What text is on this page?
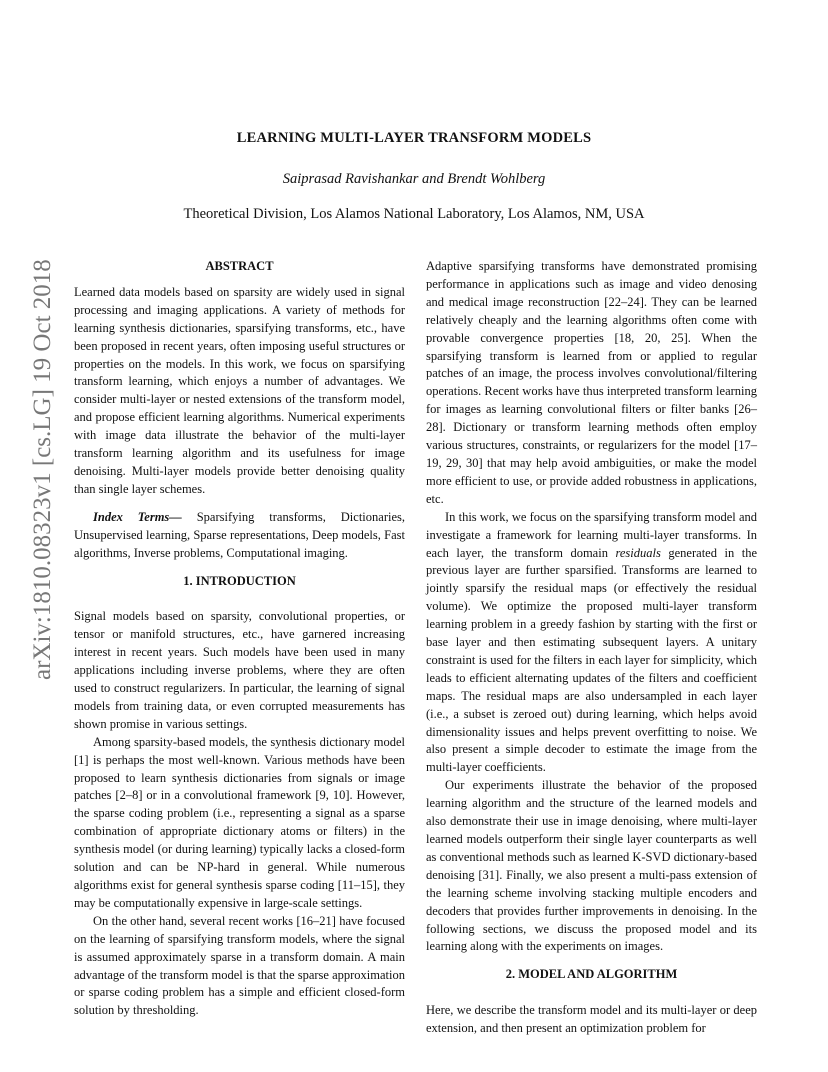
LEARNING MULTI-LAYER TRANSFORM MODELS
Saiprasad Ravishankar and Brendt Wohlberg
Theoretical Division, Los Alamos National Laboratory, Los Alamos, NM, USA
arXiv:1810.08323v1 [cs.LG] 19 Oct 2018	ABSTRACT

Learned data models based on sparsity are widely used in signal processing and imaging applications. A variety of methods for learning synthesis dictionaries, sparsifying transforms, etc., have been proposed in recent years, often imposing useful structures or properties on the models. In this work, we focus on sparsifying transform learning, which enjoys a number of advantages. We consider multi-layer or nested extensions of the transform model, and propose efficient learning algorithms. Numerical experiments with image data illustrate the behavior of the multi-layer transform learning algorithm and its usefulness for image denoising. Multi-layer models provide better denoising quality than single layer schemes.

Index Terms— Sparsifying transforms, Dictionaries, Unsupervised learning, Sparse representations, Deep models, Fast algorithms, Inverse problems, Computational imaging.

1. INTRODUCTION

Signal models based on sparsity, convolutional properties, or tensor or manifold structures, etc., have garnered increasing interest in recent years. Such models have been used in many applications including inverse problems, where they are often used to construct regularizers. In particular, the learning of signal models from training data, or even corrupted measurements has shown promise in various settings.

Among sparsity-based models, the synthesis dictionary model [1] is perhaps the most well-known. Various methods have been proposed to learn synthesis dictionaries from signals or image patches [2–8] or in a convolutional framework [9, 10]. However, the sparse coding problem (i.e., representing a signal as a sparse combination of appropriate dictionary atoms or filters) in the synthesis model (or during learning) typically lacks a closed-form solution and can be NP-hard in general. While numerous algorithms exist for general synthesis sparse coding [11–15], they may be computationally expensive in large-scale settings.

On the other hand, several recent works [16–21] have focused on the learning of sparsifying transform models, where the signal is assumed approximately sparse in a transform domain. A main advantage of the transform model is that the sparse approximation or sparse coding problem has a simple and efficient closed-form solution by thresholding.

Adaptive sparsifying transforms have demonstrated promising performance in applications such as image and video denosing and medical image reconstruction [22–24]. They can be learned relatively cheaply and the learning algorithms often come with provable convergence properties [18, 20, 25]. When the sparsifying transform is learned from or applied to regular patches of an image, the process involves convolutional/filtering operations. Recent works have thus interpreted transform learning for images as learning convolutional filters or filter banks [26–28]. Dictionary or transform learning methods often employ various structures, constraints, or regularizers for the model [17–19, 29, 30] that may help avoid ambiguities, or make the model more efficient to use, or provide added robustness in applications, etc.

In this work, we focus on the sparsifying transform model and investigate a framework for learning multi-layer transforms. In each layer, the transform domain residuals generated in the previous layer are further sparsified. Transforms are learned to jointly sparsify the residual maps (or effectively the residual volume). We optimize the proposed multi-layer transform learning problem in a greedy fashion by starting with the first or base layer and then estimating subsequent layers. A unitary constraint is used for the filters in each layer for simplicity, which leads to efficient alternating updates of the filters and coefficient maps. The residual maps are also undersampled in each layer (i.e., a subset is zeroed out) during learning, which helps avoid dimensionality issues and helps prevent overfitting to noise. We also present a simple decoder to estimate the image from the multi-layer coefficients.

Our experiments illustrate the behavior of the proposed learning algorithm and the structure of the learned models and also demonstrate their use in image denoising, where multi-layer learned models outperform their single layer counterparts as well as conventional methods such as learned K-SVD dictionary-based denoising [31]. Finally, we also present a multi-pass extension of the learning scheme involving stacking multiple encoders and decoders that provides further improvements in denoising. In the following sections, we discuss the proposed model and its learning along with the experiments on images.

2. MODEL AND ALGORITHM

Here, we describe the transform model and its multi-layer or deep extension, and then present an optimization problem for
